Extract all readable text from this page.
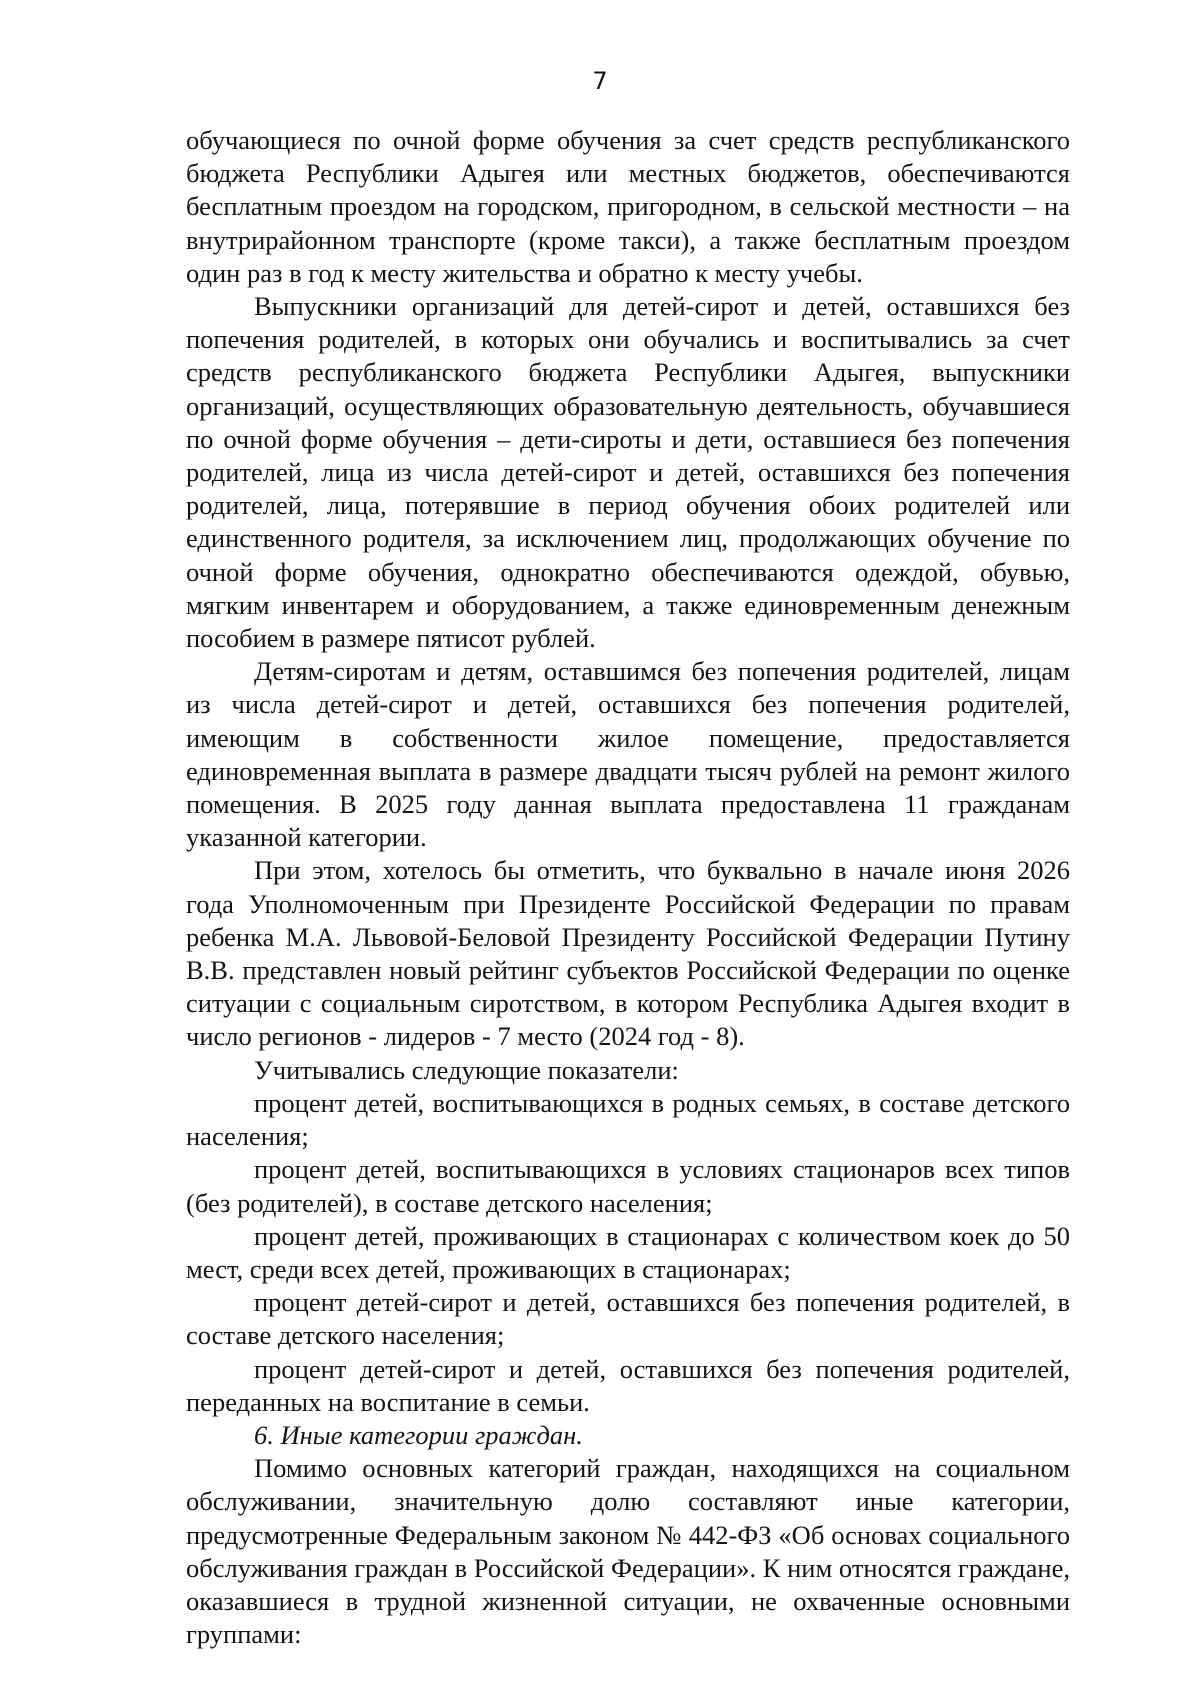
7

обучающиеся по очной форме обучения за счет средств республиканского бюджета Республики Адыгея или местных бюджетов, обеспечиваются бесплатным проездом на городском, пригородном, в сельской местности – на внутрирайонном транспорте (кроме такси), а также бесплатным проездом один раз в год к месту жительства и обратно к месту учебы.

Выпускники организаций для детей-сирот и детей, оставшихся без попечения родителей, в которых они обучались и воспитывались за счет средств республиканского бюджета Республики Адыгея, выпускники организаций, осуществляющих образовательную деятельность, обучавшиеся по очной форме обучения – дети-сироты и дети, оставшиеся без попечения родителей, лица из числа детей-сирот и детей, оставшихся без попечения родителей, лица, потерявшие в период обучения обоих родителей или единственного родителя, за исключением лиц, продолжающих обучение по очной форме обучения, однократно обеспечиваются одеждой, обувью, мягким инвентарем и оборудованием, а также единовременным денежным пособием в размере пятисот рублей.

Детям-сиротам и детям, оставшимся без попечения родителей, лицам из числа детей-сирот и детей, оставшихся без попечения родителей, имеющим в собственности жилое помещение, предоставляется единовременная выплата в размере двадцати тысяч рублей на ремонт жилого помещения. В 2025 году данная выплата предоставлена 11 гражданам указанной категории.

При этом, хотелось бы отметить, что буквально в начале июня 2026 года Уполномоченным при Президенте Российской Федерации по правам ребенка М.А. Львовой-Беловой Президенту Российской Федерации Путину В.В. представлен новый рейтинг субъектов Российской Федерации по оценке ситуации с социальным сиротством, в котором Республика Адыгея входит в число регионов - лидеров - 7 место (2024 год - 8).

Учитывались следующие показатели:

процент детей, воспитывающихся в родных семьях, в составе детского населения;

процент детей, воспитывающихся в условиях стационаров всех типов (без родителей), в составе детского населения;

процент детей, проживающих в стационарах с количеством коек до 50 мест, среди всех детей, проживающих в стационарах;

процент детей-сирот и детей, оставшихся без попечения родителей, в составе детского населения;

процент детей-сирот и детей, оставшихся без попечения родителей, переданных на воспитание в семьи.

6. Иные категории граждан.

Помимо основных категорий граждан, находящихся на социальном обслуживании, значительную долю составляют иные категории, предусмотренные Федеральным законом № 442-ФЗ «Об основах социального обслуживания граждан в Российской Федерации». К ним относятся граждане, оказавшиеся в трудной жизненной ситуации, не охваченные основными группами:
